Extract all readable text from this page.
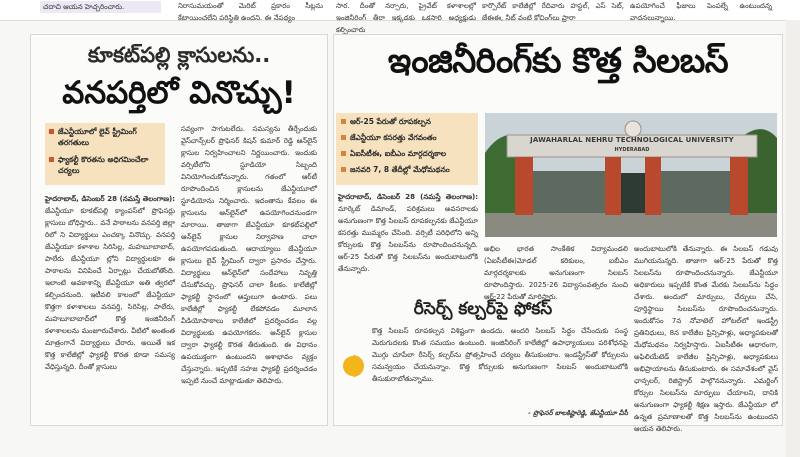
చదాచి ఆయన హెచ్చరించారు.	నిరాసుమయంతో మెరిట్ ప్రకారం సీట్లను కేటాయించలేని పరిస్థితి ఉందని. ఈ నేపథ్యం
సార. దీంతో నర్సారు, ప్రైవేట్ కళాశాలల్లో ఇంజినీరింగ్ తీరా ఇక్కడకు ఒకసారి అధ్యక్షుడు కల్పించారు
కార్పొరేట్ కాలేజీల్లో రేదివారు హస్టల్, ఎస్ సెట్, జేఈఈ, నీట్ వంటి కోచింగ్‌లు ప్రారా
ఉపయోగించే ఫీజులు పెంపల్నే ఉంటుందన్న వాదనలున్నాయి.
కూకట్‌పల్లి క్లాసులను..
వనపర్తిలో వినొచ్చు!
జేఎన్టీయూలో లైవ్ స్ట్రీమింగ్ తరగతులు
ఫ్యాకల్టీ కొరతను అధిగమించేలా చర్యలు
హైదరాబాద్‌, డిసెంబర్‌ 28 (నమస్తే తెలంగాణ): జేఎన్టీయూ కూకట్‌పల్లి క్యాంపస్‌లో ప్రొఫెసర్లు క్లాసులు బోధిస్తారు.. వనే పాఠాలను వనపర్తి జిల్లా రిలో ని విద్యార్థులు ఎంచక్కా వినొచ్చు. వనపర్తి జేఎన్టీయూ కళాశాల సిరిసిల్ల, మహబూబాబాద్‌, పాలేరు జేఎన్టీయూ ల్లోని విద్యార్థులకూ ఈ పాఠాలను వినిపించే ఏర్పాట్లు చేయబోతోంది. ఇలాంటి అవకాశాన్ని జేఎన్టీయూ అతి త్వరలో కల్పించనుంది. ఇటీవలి కాలంలో జేఎన్టీయూ కొత్తగా కళాశాలలు వనపర్తి, సిరిసిల్ల, పాలేరు, మహబూబాబాద్‌లో కొత్త ఇంజినీరింగ్‌ కళాశాలలను మంజూరుచేశారు. వీటిలో అంతంత మాత్రంగానే విద్యార్థులు చేరారు. అయితే ఇక కొత్త కాలేజీల్లో ఫ్యాకల్టీ కొరత కూడా సమస్య వేధిస్తున్నది. దీంతో క్లాసులు
సవ్యంగా సాగుటలేదు. సమస్యను తీర్చేందుకు వైస్‌చాన్స్‌లర్‌ ప్రొఫెసర్‌ కిషన్‌ కుమార్‌ రెడ్డి ఆన్‌లైన్‌ క్లాసుల నిర్వహించాలని నిర్ణయించారు. ఇందుకు వర్సిటీలోని స్టూడియో సిబ్బంది వినియోగించుకోనున్నారు. గతంలో ఆర్‌టీ రూపొందించిన క్లాసులను జేఎన్టీయూలో స్టూడియోను నిర్మించారు. ఇదంతాను కేవలం ఈ క్లాసులను ఆన్‌లైన్‌లో ఉపయోగించనుండగా మారాయి. తాజాగా జేఎన్టీయూ కూకట్‌పల్లిలో ఆన్‌లైన్‌ క్లాసుల నిర్వాహణ చాలా ఉపయోగపడుతుంది. ఆదాయ్యాలు జేఎన్టీయూ క్లాసులు లైవ్‌ స్ట్రీమింగ్‌ ద్వారా ప్రసారం చేస్తారు. విద్యార్థులు ఆన్‌లైన్‌లో సందేహాలు నివృత్తి చేసుకోవచ్చు. ప్రొఫెసర్‌ చాలా కీలకం. కాలేజీల్లో ఫ్యాకల్టీ స్థానంలో ఆప్తులుగా ఉంటారు. పలు కాలేజీల్లో ఫ్యాకల్టీ లేకపోవడం మూలాన వీడియోపాఠాలు కాలేజీలో ప్రదర్శించడం వల్ల విద్యార్థులకు ఉపయోగకరం. ఆన్‌లైన్‌ క్లాసుల ద్వారా ఫ్యాకల్టీ కొరత తీరుతుంది. ఈ విధానం ఉపయుక్తంగా ఉంటుందని ఆశాభావం వ్యక్తం చేస్తున్నారు. ఇప్పటికే సహజ ఫ్యాకల్టీ ప్రదర్శించడం ఇప్పటి నుంచే మాట్లాడుతూ తెలిపారు.
ఇంజినీరింగ్‌కు కొత్త సిలబస్‌
ఆర్‌-25 పేరుతో రూపకల్పన
జేఎన్టీయూ కసరత్తు వేగవంతం
ఏఐసీటీఈ, ఐబీఎం మార్గదర్శకాల
జనవరి 7, 8 తేదీల్లో మేధోమథనం
JAWAHARLAL NEHRU TECHNOLOGICAL UNIVERSITY
HYDERABAD
హైదరాబాద్‌, డిసెంబర్‌ 28 (నమస్తే తెలంగాణ): మార్కెట్‌ డిమాండ్‌, పరిశ్రమలు అవసరాలకు అనుగుణంగా కొత్త సిలబస్‌ రూపకల్పనకు జేఎన్టీయూ కసరత్తు ముమ్మరం చేసింది. వర్సిటీ పరిధిలోని అన్ని కోర్సులకు కొత్త సిలబస్‌ను రూపొందించనున్నది. ఆర్‌-25 పేరుతో కొత్త సిలబస్‌ను అందుబాటులోకి తేనున్నారు.
అభిల భారత సాంకేతిక విద్యామండలి (ఏఐసీటీఈ)మోడల్‌ కరికులం, ఐబీఎం మార్గదర్శకాలకు అనుగుణంగా సిలబస్‌ రూపొందిస్తారు. 2025-26 విద్యాసంవత్సరం నుంచి ఆర్‌-22 పేరుతో మారిస్తారు.
అందుబాటులోకి తేనున్నారు. ఈ సిలబస్‌ గడువు ముగియనున్నది. తాజాగా ఆర్‌-25 పేరుతో కొత్త సిలబస్‌ను రూపొందించనున్నారు. జేఎన్టీయూ అధికారులు ఇప్పటికే కొంత మేరకు సిలబస్‌ను సిద్ధం చేశారు. అందులో మార్పులు, చేర్పులు చేసి, పూర్తిస్థాయి సిలబస్‌ను రూపొందించనున్నారు. ఇందుకోసం 7న నోవాటెల్‌ హోటల్‌లో ఇండస్ట్రీ ప్రతినిధులు, 8న కాలేజీల ప్రిన్సిపాళ్లు, అధ్యాపకులతో మేధోమథనం నిర్వహిస్తారు. ఏఐసీటీఈ ఆధారంగా, అఫిలియేటెడ్‌ కాలేజీల ప్రిన్సిపాళ్లు, అధ్యాపకులు అభిప్రాయాలను తీసుకుంటారు. ఈ సమావేశంలో వైస్‌ ఛాన్సలర్‌, రిజిస్ట్రార్‌ పాల్గొననున్నారు. ఎమర్జింగ్‌ కోర్సుల సిలబస్‌ను మార్పులు చేయాలని, దానికి అనుగుణంగా ఫ్యాకల్టీ శిక్షణ ఇస్తారు. జేఎన్టీయూ లో ఉన్నత ప్రమాణాలతో కొత్త సిలబస్‌ను ఉంటుందని ఆయన తెలిపారు.
రీసెర్చ్‌ కల్చర్‌పై ఫోకస్‌
కొత్త సిలబస్‌ రూపకల్పన విశిష్టంగా ఉండదు. అందరి సిలబస్‌ సిద్ధం చేసేందుకు సంస్థ మెరుగుదలకు కొంత సమయం ఉంటుంది. ఇంజినీరింగ్‌ కాలేజీల్లో ఉపాధ్యాయులు పరిశోధనపై మొగ్గు చూపేలా రీసెర్చ్‌ కల్చర్‌ను ప్రోత్సహించే చర్యలు తీసుకుంటాం. ఇండస్ట్రీస్‌తో కోర్సులను సమన్వయం చేయనున్నాం. కొత్త కోర్సులకు అనుగుణంగా సిలబస్‌ అందుబాటులోకి తీసుకురాబోతున్నాము.
- ప్రొఫెసర్‌ బాలకిష్టారెడ్డి, జేఎన్టీయూ వీసీ
